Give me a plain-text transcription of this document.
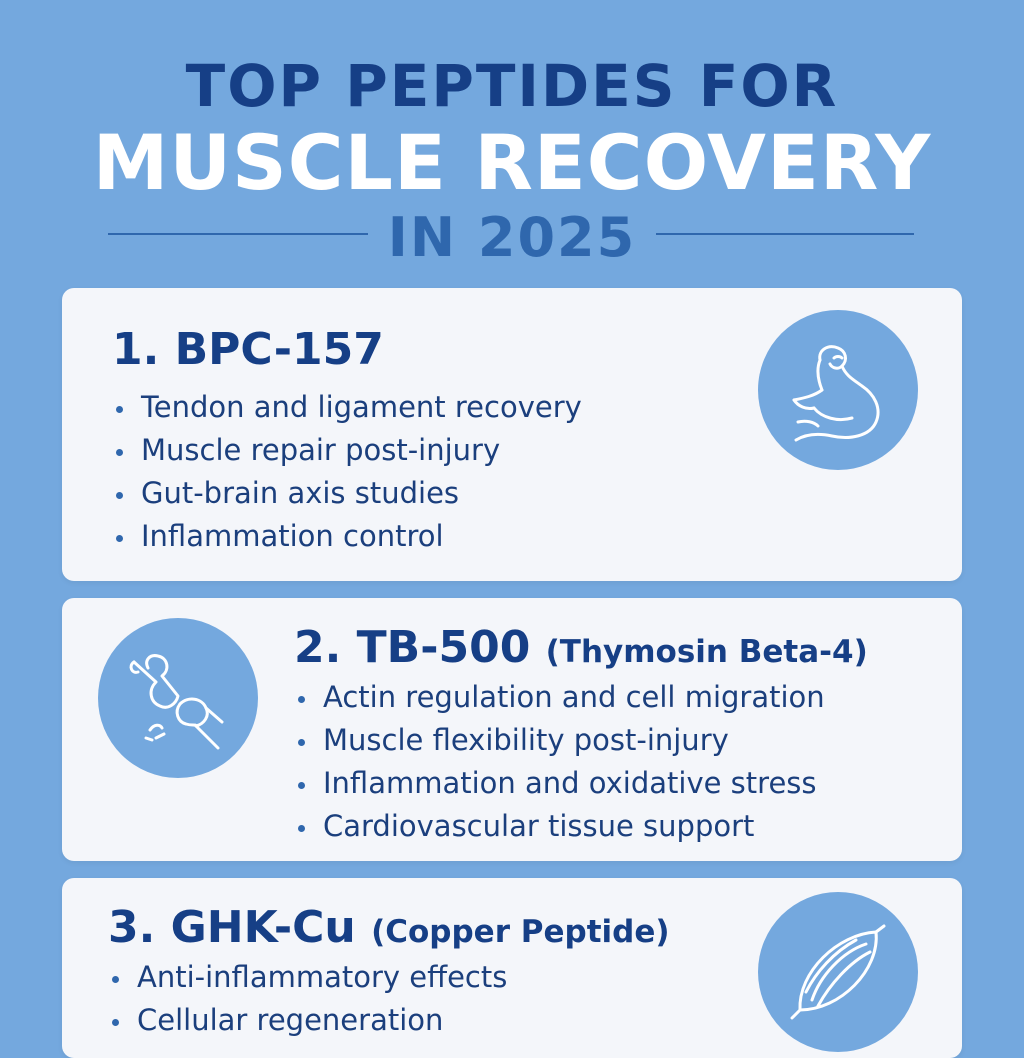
TOP PEPTIDES FOR
MUSCLE RECOVERY
IN 2025
1. BPC-157
Tendon and ligament recovery
Muscle repair post-injury
Gut-brain axis studies
Inflammation control
2. TB-500 (Thymosin Beta-4)
Actin regulation and cell migration
Muscle flexibility post-injury
Inflammation and oxidative stress
Cardiovascular tissue support
3. GHK-Cu (Copper Peptide)
Anti-inflammatory effects
Cellular regeneration
